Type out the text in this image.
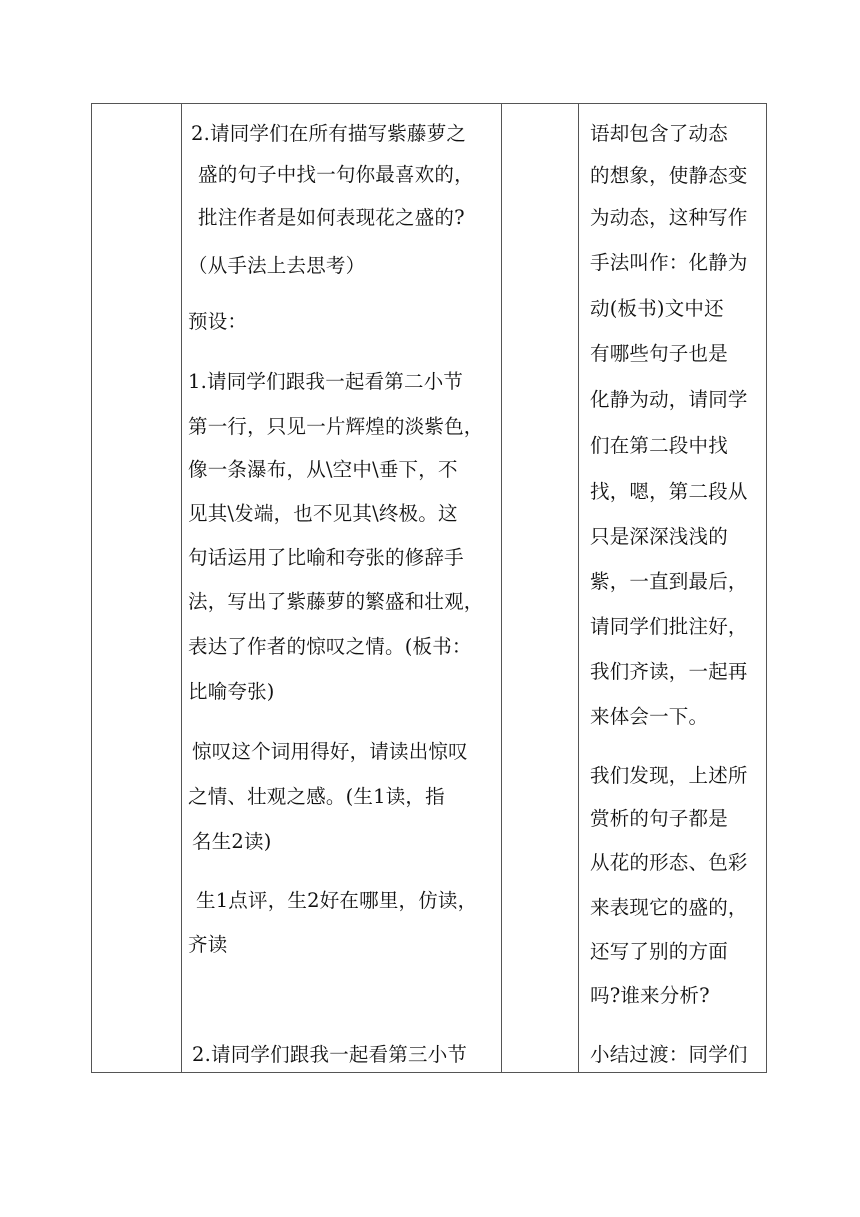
2.请同学们在所有描写紫藤萝之
盛的句子中找一句你最喜欢的，
批注作者是如何表现花之盛的?
（从手法上去思考）
预设：
1.请同学们跟我一起看第二小节
第一行，只见一片辉煌的淡紫色，
像一条瀑布，从\空中\垂下，不
见其\发端，也不见其\终极。这
句话运用了比喻和夸张的修辞手
法，写出了紫藤萝的繁盛和壮观，
表达了作者的惊叹之情。(板书：
比喻夸张)
惊叹这个词用得好，请读出惊叹
之情、壮观之感。(生1读，指
名生2读)
生1点评，生2好在哪里，仿读，
齐读
2.请同学们跟我一起看第三小节
语却包含了动态
的想象，使静态变
为动态，这种写作
手法叫作：化静为
动(板书)文中还
有哪些句子也是
化静为动，请同学
们在第二段中找
找，嗯，第二段从
只是深深浅浅的
紫，一直到最后，
请同学们批注好，
我们齐读，一起再
来体会一下。
我们发现，上述所
赏析的句子都是
从花的形态、色彩
来表现它的盛的，
还写了别的方面
吗?谁来分析?
小结过渡：同学们
